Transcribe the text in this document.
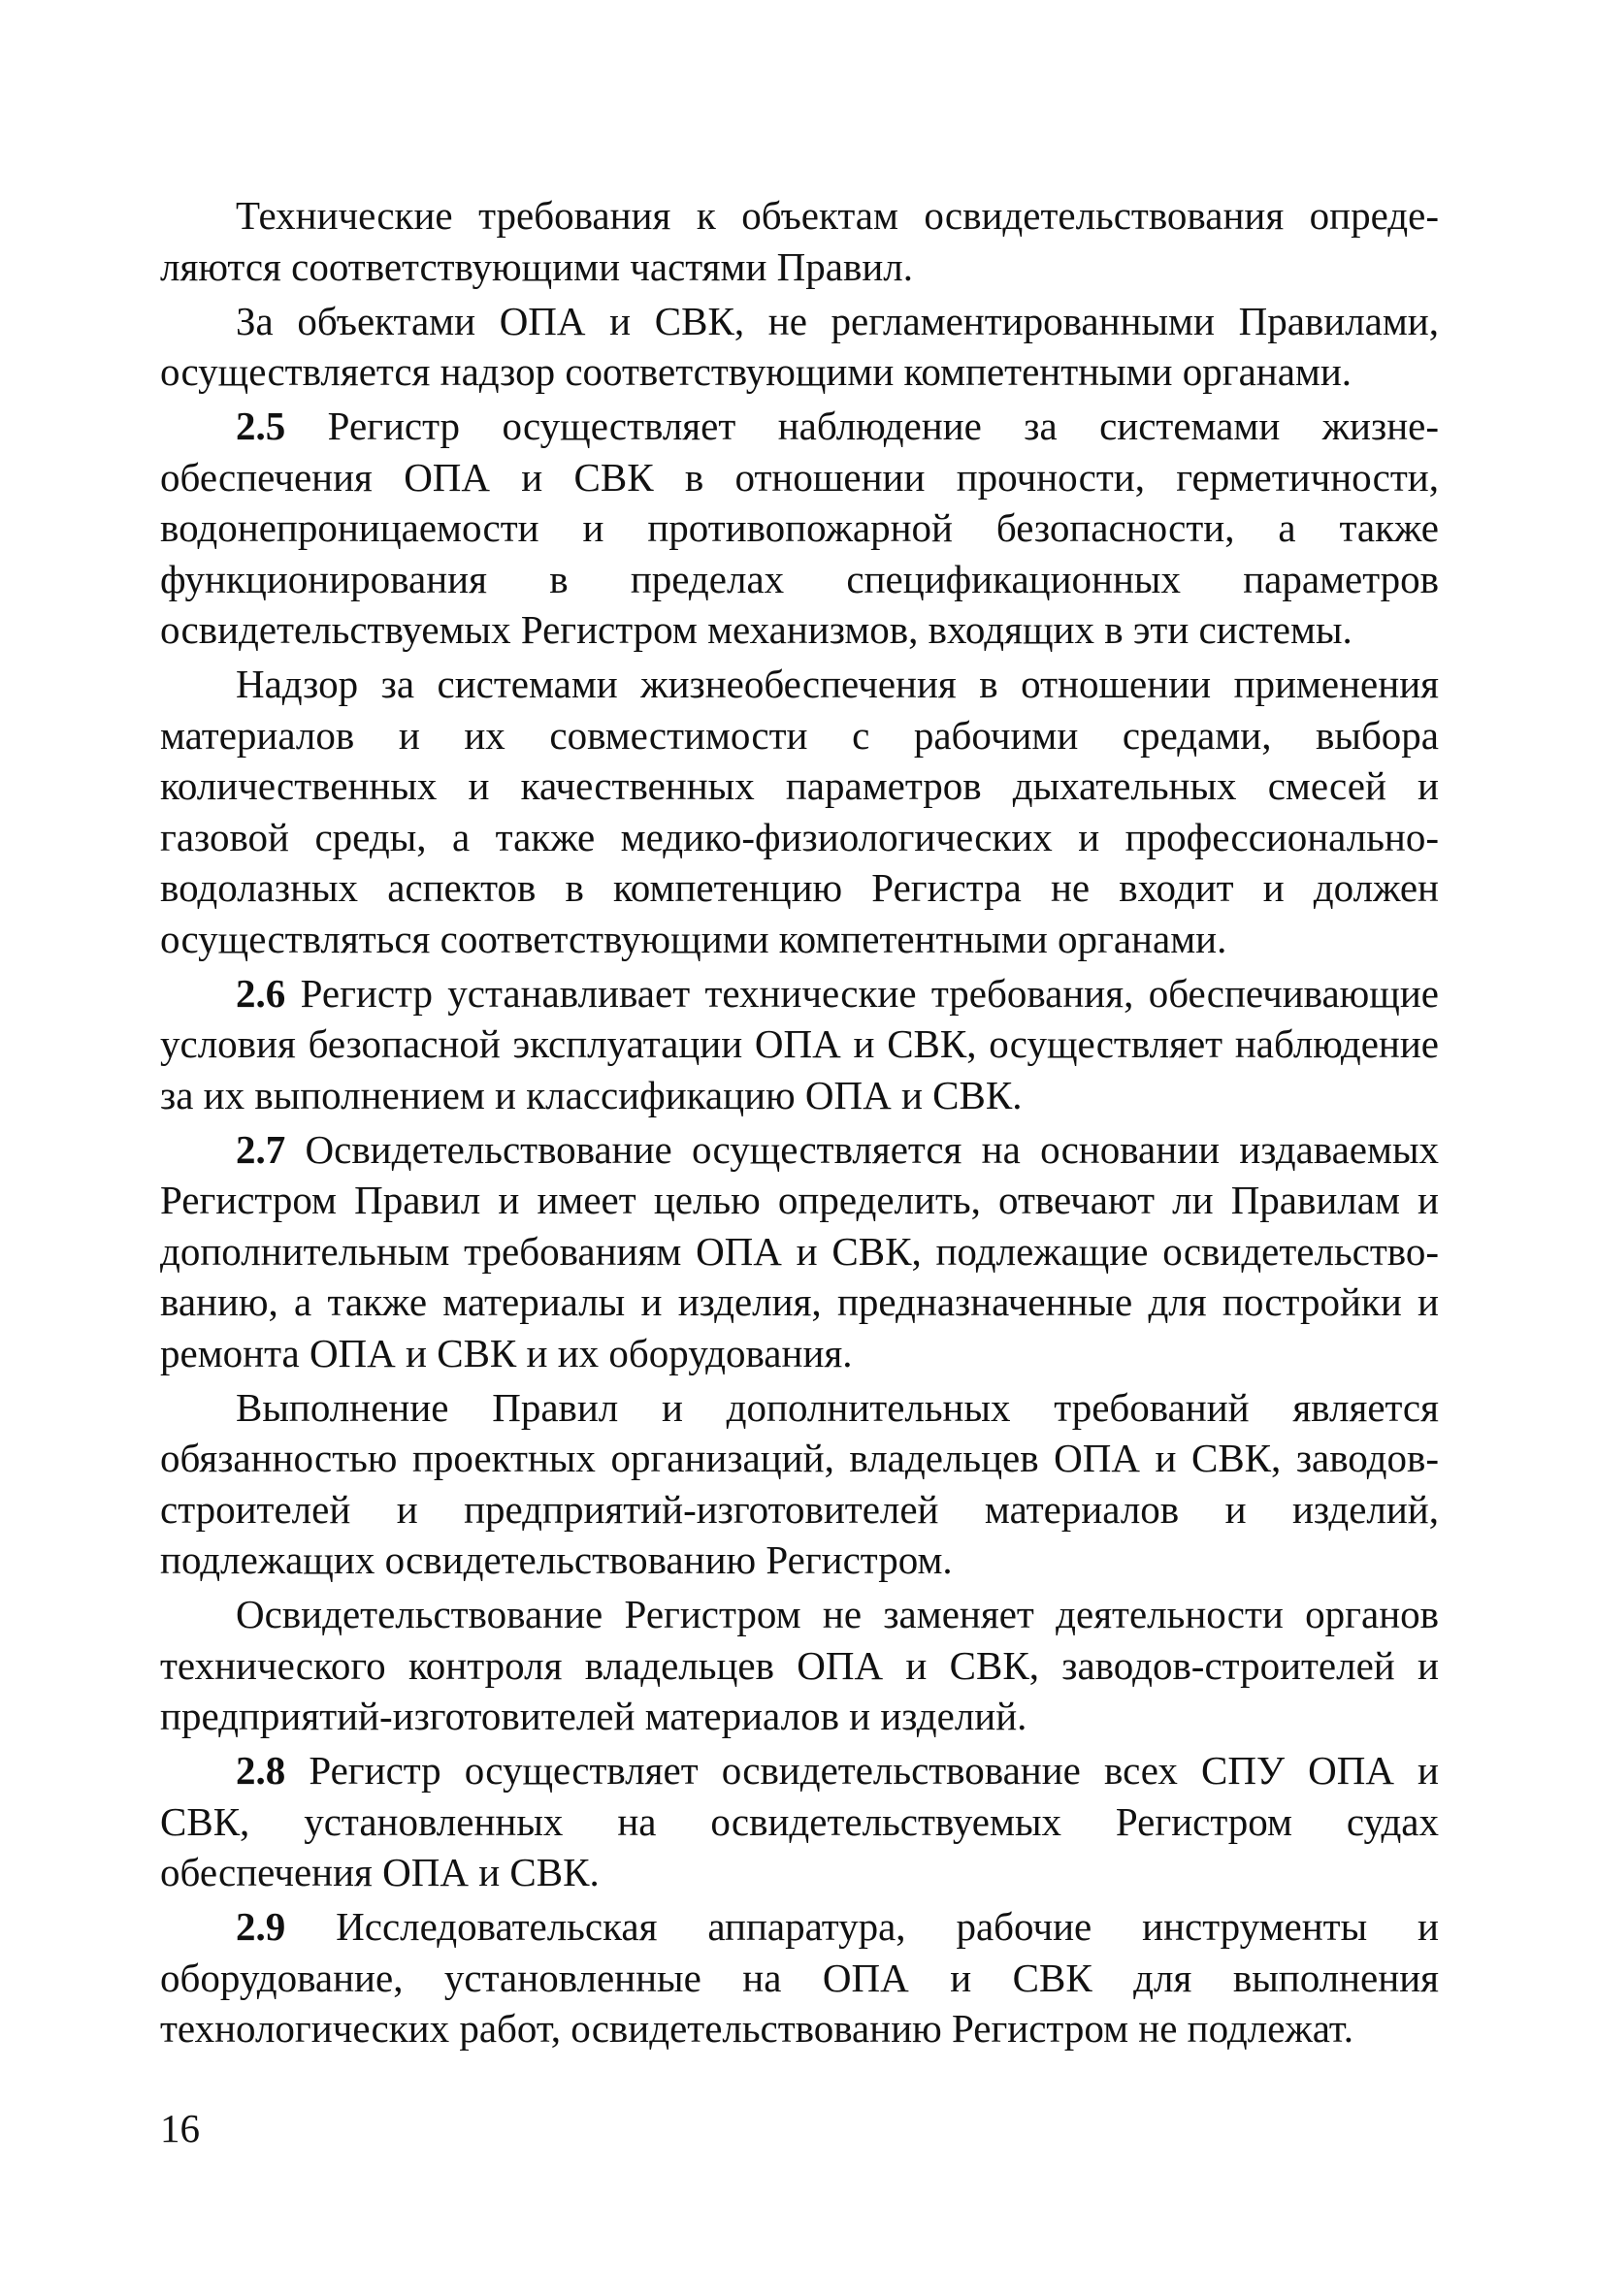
Технические требования к объектам освидетельствования определяются соответствующими частями Правил.

За объектами ОПА и СВК, не регламентированными Правилами, осуществляется надзор соответствующими компетентными органами.

2.5 Регистр осуществляет наблюдение за системами жизнеобеспечения ОПА и СВК в отношении прочности, герметичности, водонепроницаемости и противопожарной безопасности, а также функционирования в пределах спецификационных параметров освидетельствуемых Регистром механизмов, входящих в эти системы.

Надзор за системами жизнеобеспечения в отношении применения материалов и их совместимости с рабочими средами, выбора количественных и качественных параметров дыхательных смесей и газовой среды, а также медико-физиологических и профессионально-водолазных аспектов в компетенцию Регистра не входит и должен осуществляться соответствующими компетентными органами.

2.6 Регистр устанавливает технические требования, обеспечивающие условия безопасной эксплуатации ОПА и СВК, осуществляет наблюдение за их выполнением и классификацию ОПА и СВК.

2.7 Освидетельствование осуществляется на основании издаваемых Регистром Правил и имеет целью определить, отвечают ли Правилам и дополнительным требованиям ОПА и СВК, подлежащие освидетельствованию, а также материалы и изделия, предназначенные для постройки и ремонта ОПА и СВК и их оборудования.

Выполнение Правил и дополнительных требований является обязанностью проектных организаций, владельцев ОПА и СВК, заводов-строителей и предприятий-изготовителей материалов и изделий, подлежащих освидетельствованию Регистром.

Освидетельствование Регистром не заменяет деятельности органов технического контроля владельцев ОПА и СВК, заводов-строителей и предприятий-изготовителей материалов и изделий.

2.8 Регистр осуществляет освидетельствование всех СПУ ОПА и СВК, установленных на освидетельствуемых Регистром судах обеспечения ОПА и СВК.

2.9 Исследовательская аппаратура, рабочие инструменты и оборудование, установленные на ОПА и СВК для выполнения технологических работ, освидетельствованию Регистром не подлежат.

16
